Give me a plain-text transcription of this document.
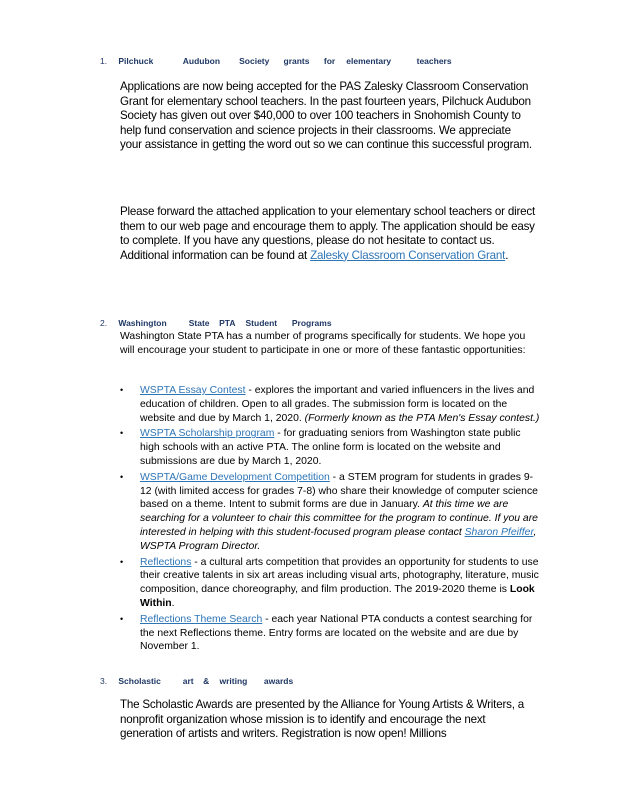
1. Pilchuck	Audubon Society grants for elementary	teachers
Applications are now being accepted for the PAS Zalesky Classroom Conservation Grant for elementary school teachers. In the past fourteen years, Pilchuck Audubon Society has given out over $40,000 to over 100 teachers in Snohomish County to help fund conservation and science projects in their classrooms. We appreciate your assistance in getting the word out so we can continue this successful program.
Please forward the attached application to your elementary school teachers or direct them to our web page and encourage them to apply. The application should be easy to complete. If you have any questions, please do not hesitate to contact us. Additional information can be found at Zalesky Classroom Conservation Grant.
2. Washington	State PTA Student Programs
Washington State PTA has a number of programs specifically for students. We hope you will encourage your student to participate in one or more of these fantastic opportunities:
• WSPTA Essay Contest - explores the important and varied influencers in the lives and education of children. Open to all grades. The submission form is located on the website and due by March 1, 2020. (Formerly known as the PTA Men's Essay contest.)
• WSPTA Scholarship program - for graduating seniors from Washington state public high schools with an active PTA. The online form is located on the website and submissions are due by March 1, 2020.
• WSPTA/Game Development Competition - a STEM program for students in grades 9-12 (with limited access for grades 7-8) who share their knowledge of computer science based on a theme. Intent to submit forms are due in January. At this time we are searching for a volunteer to chair this committee for the program to continue. If you are interested in helping with this student-focused program please contact Sharon Pfeiffer, WSPTA Program Director.
• Reflections - a cultural arts competition that provides an opportunity for students to use their creative talents in six art areas including visual arts, photography, literature, music composition, dance choreography, and film production. The 2019-2020 theme is Look Within.
• Reflections Theme Search - each year National PTA conducts a contest searching for the next Reflections theme. Entry forms are located on the website and are due by November 1.
3. Scholastic	art & writing awards
The Scholastic Awards are presented by the Alliance for Young Artists & Writers, a nonprofit organization whose mission is to identify and encourage the next generation of artists and writers. Registration is now open! Millions
